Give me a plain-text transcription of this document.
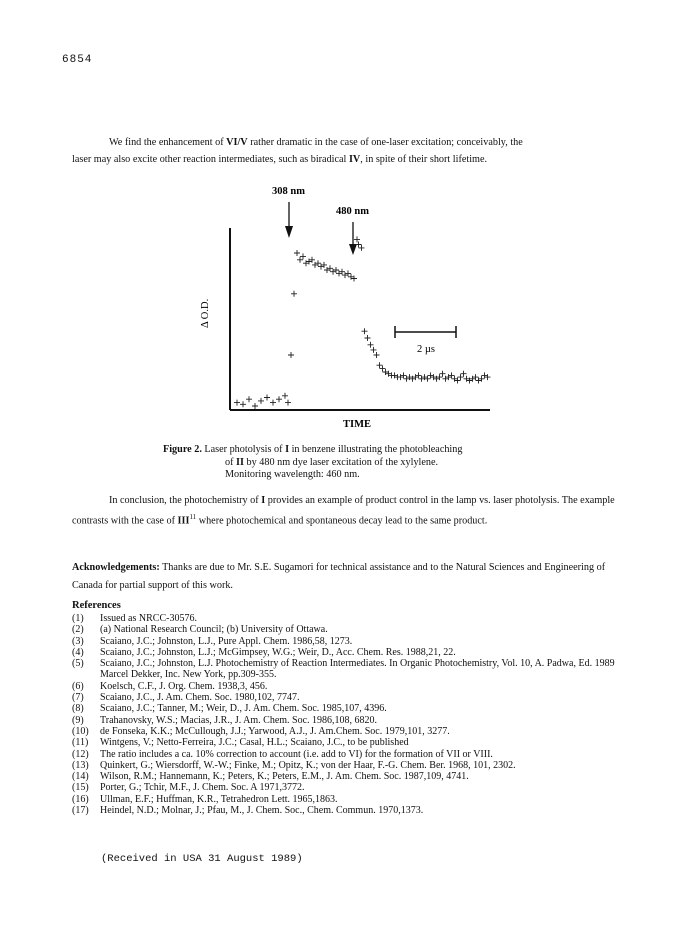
6854
We find the enhancement of VI/V rather dramatic in the case of one-laser excitation; conceivably, the
laser may also excite other reaction intermediates, such as biradical IV, in spite of their short lifetime.
308 nm
480 nm
2 µs
Δ O.D.
TIME
Figure 2. Laser photolysis of I in benzene illustrating the photobleaching
of II by 480 nm dye laser excitation of the xylylene.
Monitoring wavelength: 460 nm.
In conclusion, the photochemistry of I provides an example of product control in the lamp vs. laser photolysis. The example contrasts with the case of III$^{11}$ where photochemical and spontaneous decay lead to the same product.
Acknowledgements: Thanks are due to Mr. S.E. Sugamori for technical assistance and to the Natural Sciences and Engineering of Canada for partial support of this work.
References
(1)	Issued as NRCC-30576.
(2)	(a) National Research Council; (b) University of Ottawa.
(3)	Scaiano, J.C.; Johnston, L.J., Pure Appl. Chem. 1986,58, 1273.
(4)	Scaiano, J.C.; Johnston, L.J.; McGimpsey, W.G.; Weir, D., Acc. Chem. Res. 1988,21, 22.
(5)	Scaiano, J.C.; Johnston, L.J. Photochemistry of Reaction Intermediates. In Organic Photochemistry, Vol. 10, A. Padwa, Ed. 1989 Marcel Dekker, Inc. New York, pp.309-355.
(6)	Koelsch, C.F., J. Org. Chem. 1938,3, 456.
(7)	Scaiano, J.C., J. Am. Chem. Soc. 1980,102, 7747.
(8)	Scaiano, J.C.; Tanner, M.; Weir, D., J. Am. Chem. Soc. 1985,107, 4396.
(9)	Trahanovsky, W.S.; Macias, J.R., J. Am. Chem. Soc. 1986,108, 6820.
(10)	de Fonseka, K.K.; McCullough, J.J.; Yarwood, A.J., J. Am.Chem. Soc. 1979,101, 3277.
(11)	Wintgens, V.; Netto-Ferreira, J.C.; Casal, H.L.; Scaiano, J.C., to be published
(12)	The ratio includes a ca. 10% correction to account (i.e. add to VI) for the formation of VII or VIII.
(13)	Quinkert, G.; Wiersdorff, W.-W.; Finke, M.; Opitz, K.; von der Haar, F.-G. Chem. Ber. 1968, 101, 2302.
(14)	Wilson, R.M.; Hannemann, K.; Peters, K.; Peters, E.M., J. Am. Chem. Soc. 1987,109, 4741.
(15)	Porter, G.; Tchir, M.F., J. Chem. Soc. A 1971,3772.
(16)	Ullman, E.F.; Huffman, K.R., Tetrahedron Lett. 1965,1863.
(17)	Heindel, N.D.; Molnar, J.; Pfau, M., J. Chem. Soc., Chem. Commun. 1970,1373.
(Received in USA 31 August 1989)
